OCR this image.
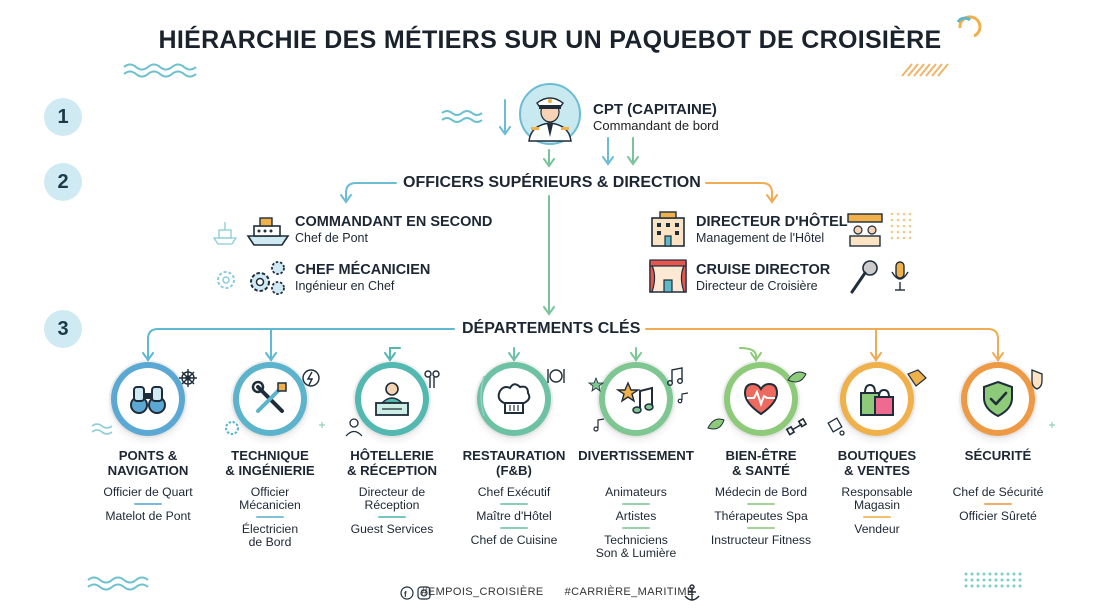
HIÉRARCHIE DES MÉTIERS SUR UN PAQUEBOT DE CROISIÈRE
1
2
3
CPT (CAPITAINE)
Commandant de bord
OFFICERS SUPÉRIEURS & DIRECTION
COMMANDANT EN SECOND
Chef de Pont
CHEF MÉCANICIEN
Ingénieur en Chef
DIRECTEUR D'HÔTEL
Management de l'Hôtel
CRUISE DIRECTOR
Directeur de Croisière
DÉPARTEMENTS CLÉS
PONTS &
NAVIGATION
Officier de Quart
Matelot de Pont
TECHNIQUE
& INGÉNIERIE
Officier
Mécanicien
Électricien
de Bord
HÔTELLERIE
& RÉCEPTION
Directeur de
Réception
Guest Services
RESTAURATION
(F&B)
Chef Exécutif
Maître d'Hôtel
Chef de Cuisine
DIVERTISSEMENT
Animateurs
Artistes
Techniciens
Son & Lumière
BIEN-ÊTRE
& SANTÉ
Médecin de Bord
Thérapeutes Spa
Instructeur Fitness
BOUTIQUES
& VENTES
Responsable
Magasin
Vendeur
SÉCURITÉ
Chef de Sécurité
Officier Sûreté
f	#EMPOIS_CROISIÈRE #CARRIÈRE_MARITIME
